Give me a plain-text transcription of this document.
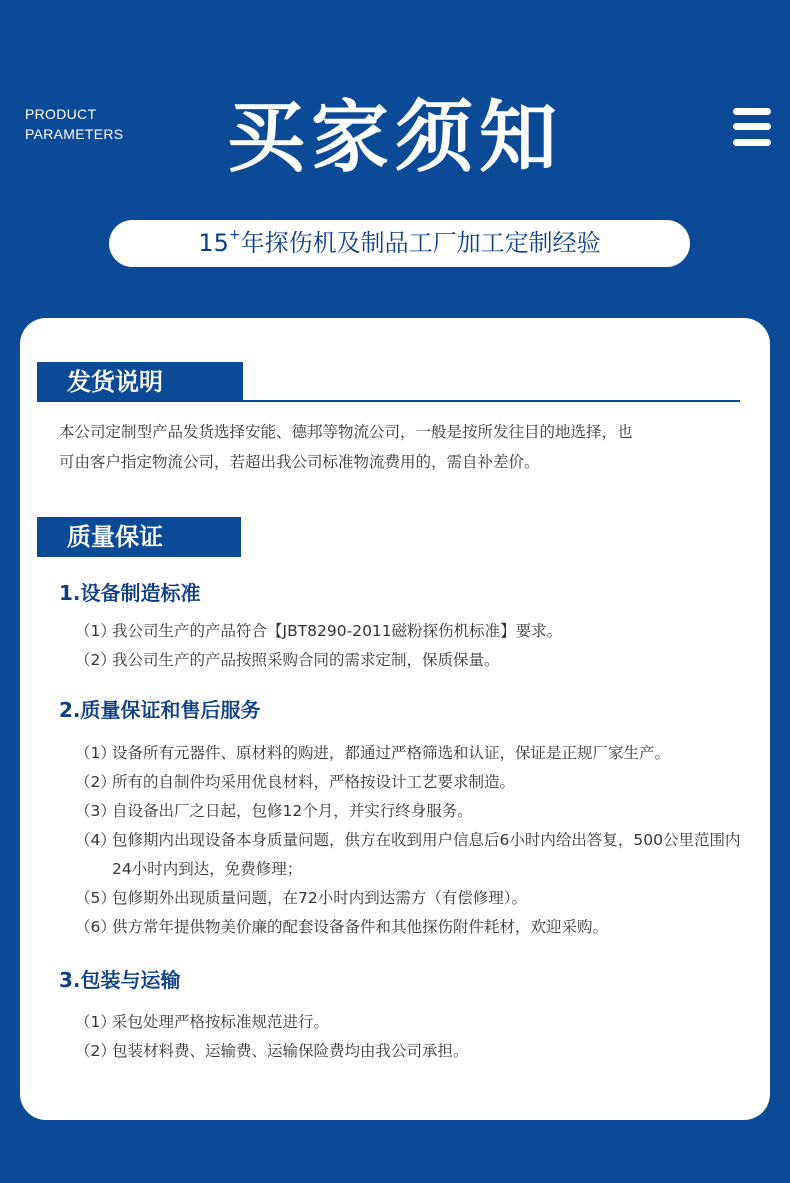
PRODUCT
PARAMETERS	买家须知
15+年探伤机及制品工厂加工定制经验
发货说明
本公司定制型产品发货选择安能、德邦等物流公司，一般是按所发往目的地选择，也
可由客户指定物流公司，若超出我公司标准物流费用的，需自补差价。
质量保证
1.设备制造标准
（1）
我公司生产的产品符合【JBT8290-2011磁粉探伤机标准】要求。
（2）
我公司生产的产品按照采购合同的需求定制，保质保量。
2.质量保证和售后服务
（1）
设备所有元器件、原材料的购进，都通过严格筛选和认证，保证是正规厂家生产。
（2）
所有的自制件均采用优良材料，严格按设计工艺要求制造。
（3）
自设备出厂之日起，包修12个月，并实行终身服务。
（4）
包修期内出现设备本身质量问题，供方在收到用户信息后6小时内给出答复，500公里范围内24小时内到达，免费修理；
（5）
包修期外出现质量问题，在72小时内到达需方（有偿修理）。
（6）
供方常年提供物美价廉的配套设备备件和其他探伤附件耗材，欢迎采购。
3.包装与运输
（1）
采包处理严格按标准规范进行。
（2）
包装材料费、运输费、运输保险费均由我公司承担。
